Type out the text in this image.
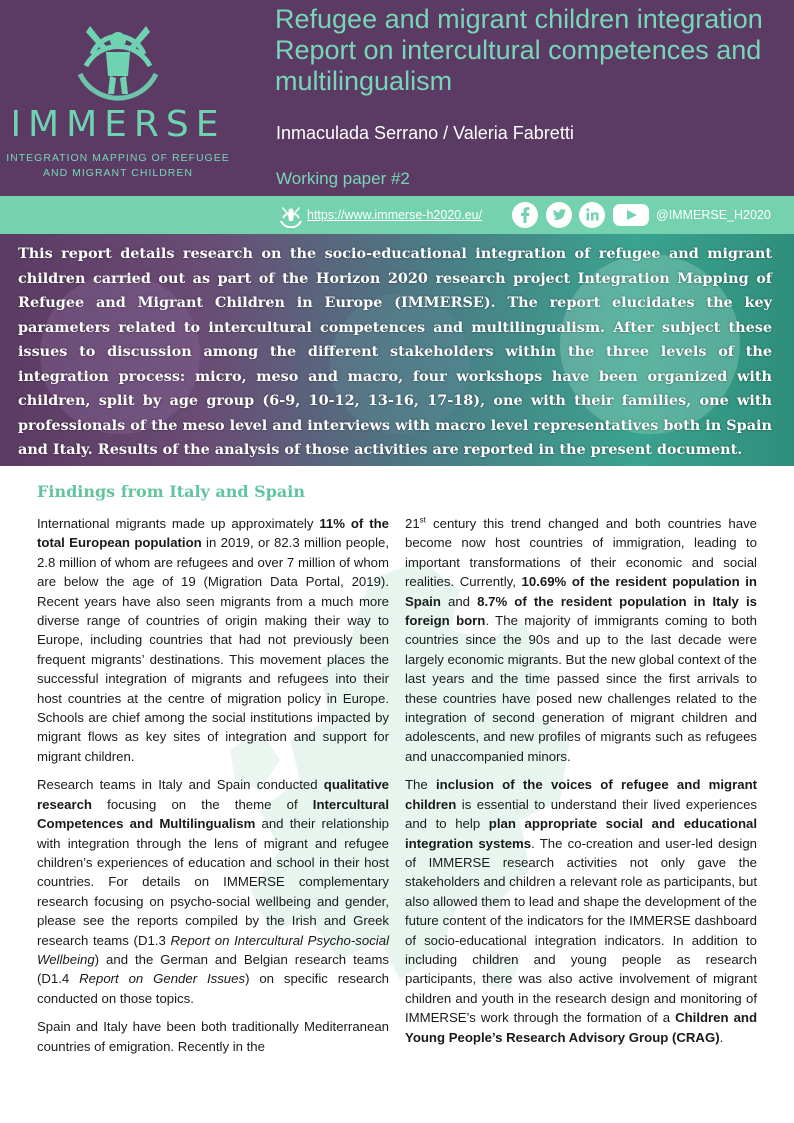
IMMERSE
INTEGRATION MAPPING OF REFUGEE AND MIGRANT CHILDREN
Refugee and migrant children integration Report on intercultural competences and multilingualism
Inmaculada Serrano / Valeria Fabretti
Working paper #2
https://www.immerse-h2020.eu/	@IMMERSE_H2020
This report details research on the socio-educational integration of refugee and migrant children carried out as part of the Horizon 2020 research project Integration Mapping of Refugee and Migrant Children in Europe (IMMERSE). The report elucidates the key parameters related to intercultural competences and multilingualism. After subject these issues to discussion among the different stakeholders within the three levels of the integration process: micro, meso and macro, four workshops have been organized with children, split by age group (6-9, 10-12, 13-16, 17-18), one with their families, one with professionals of the meso level and interviews with macro level representatives both in Spain and Italy. Results of the analysis of those activities are reported in the present document.
Findings from Italy and Spain

International migrants made up approximately 11% of the total European population in 2019, or 82.3 million people, 2.8 million of whom are refugees and over 7 million of whom are below the age of 19 (Migration Data Portal, 2019). Recent years have also seen migrants from a much more diverse range of countries of origin making their way to Europe, including countries that had not previously been frequent migrants’ destinations. This movement places the successful integration of migrants and refugees into their host countries at the centre of migration policy in Europe. Schools are chief among the social institutions impacted by migrant flows as key sites of integration and support for migrant children.

Research teams in Italy and Spain conducted qualitative research focusing on the theme of Intercultural Competences and Multilingualism and their relationship with integration through the lens of migrant and refugee children’s experiences of education and school in their host countries. For details on IMMERSE complementary research focusing on psycho-social wellbeing and gender, please see the reports compiled by the Irish and Greek research teams (D1.3 Report on Intercultural Psycho-social Wellbeing) and the German and Belgian research teams (D1.4 Report on Gender Issues) on specific research conducted on those topics.

Spain and Italy have been both traditionally Mediterranean countries of emigration. Recently in the

21st century this trend changed and both countries have become now host countries of immigration, leading to important transformations of their economic and social realities. Currently, 10.69% of the resident population in Spain and 8.7% of the resident population in Italy is foreign born. The majority of immigrants coming to both countries since the 90s and up to the last decade were largely economic migrants. But the new global context of the last years and the time passed since the first arrivals to these countries have posed new challenges related to the integration of second generation of migrant children and adolescents, and new profiles of migrants such as refugees and unaccompanied minors.

The inclusion of the voices of refugee and migrant children is essential to understand their lived experiences and to help plan appropriate social and educational integration systems. The co-creation and user-led design of IMMERSE research activities not only gave the stakeholders and children a relevant role as participants, but also allowed them to lead and shape the development of the future content of the indicators for the IMMERSE dashboard of socio-educational integration indicators. In addition to including children and young people as research participants, there was also active involvement of migrant children and youth in the research design and monitoring of IMMERSE’s work through the formation of a Children and Young People’s Research Advisory Group (CRAG).
